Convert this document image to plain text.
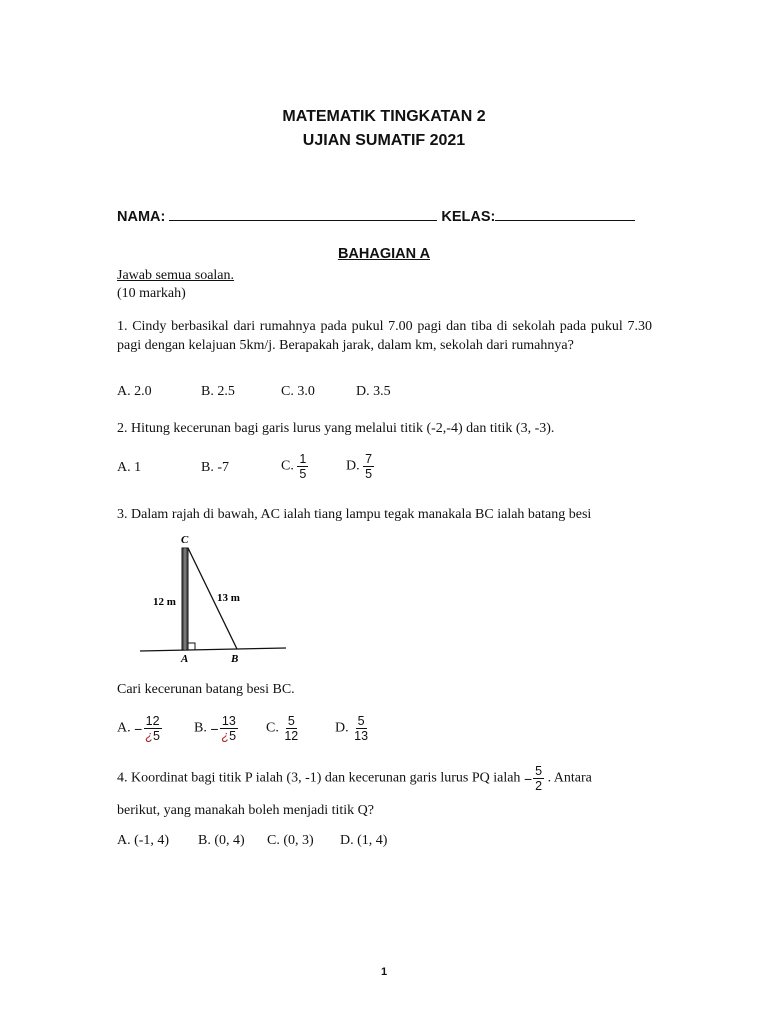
MATEMATIK TINGKATAN 2
UJIAN SUMATIF 2021
NAMA:	KELAS:
BAHAGIAN A
Jawab semua soalan.
(10 markah)
1. Cindy berbasikal dari rumahnya pada pukul 7.00 pagi dan tiba di sekolah pada pukul 7.30 pagi dengan kelajuan 5km/j. Berapakah jarak, dalam km, sekolah dari rumahnya?
A. 2.0	B. 2.5	C. 3.0	D. 3.5
2. Hitung kecerunan bagi garis lurus yang melalui titik (-2,-4) dan titik (3, -3).
A. 1	B. -7	C. $\frac{1}{5}$	D. $\frac{7}{5}$
3. Dalam rajah di bawah, AC ialah tiang lampu tegak manakala BC ialah batang besi
C
A	B
12 m	13 m
Cari kecerunan batang besi BC.
A. − $\frac{12}{¿5} B$. − $\frac{13}{¿5} C$. $\frac{5}{12} D$. $\frac{5}{13}$
4. Koordinat bagi titik P ialah (3, -1) dan kecerunan garis lurus PQ ialah − $\frac{5}{2}$ . Antara
berikut, yang manakah boleh menjadi titik Q?
A. (-1, 4) B. (0, 4) C. (0, 3) D. (1, 4)
1
